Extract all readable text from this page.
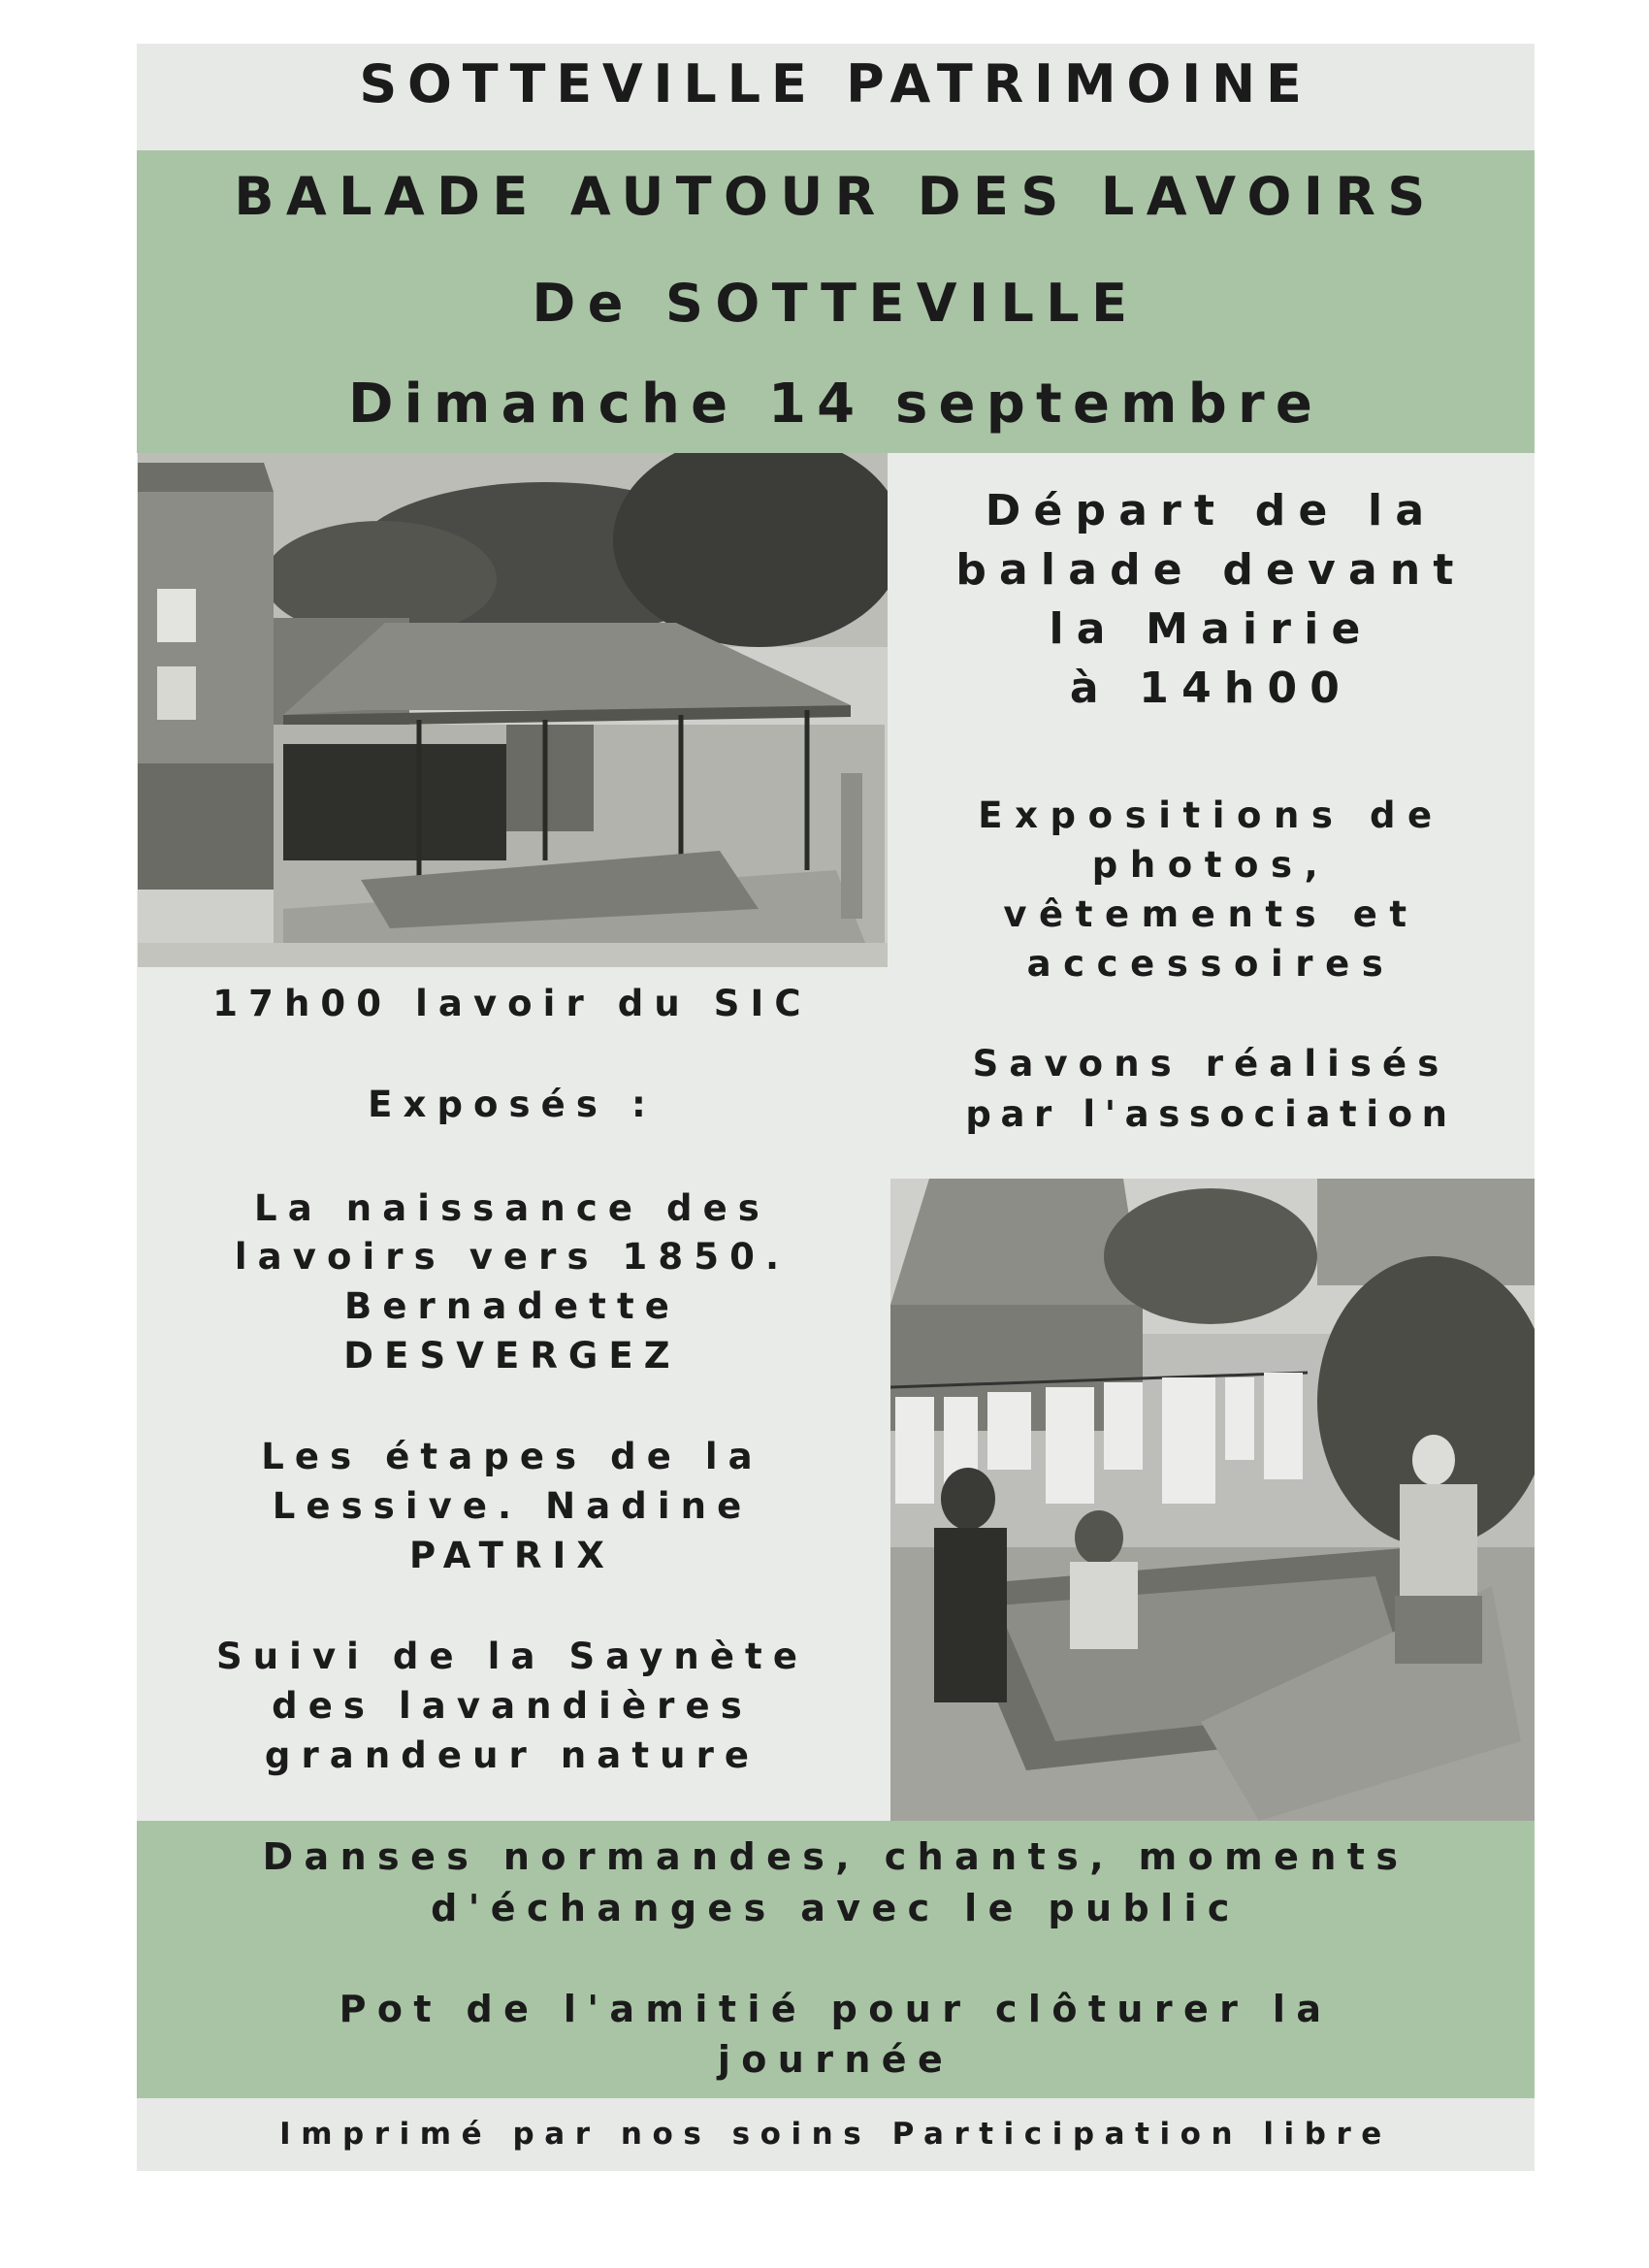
SOTTEVILLE PATRIMOINE
BALADE AUTOUR DES LAVOIRS
De SOTTEVILLE
Dimanche 14 septembre
Départ de la
balade devant
la Mairie
à 14h00
Expositions de
photos,
vêtements et
accessoires
Savons réalisés
par l'association
17h00 lavoir du SIC
Exposés :
La naissance des
lavoirs vers 1850.
Bernadette
DESVERGEZ
Les étapes de la
Lessive. Nadine
PATRIX
Suivi de la Saynète
des lavandières
grandeur nature
Danses normandes, chants, moments
d'échanges avec le public
Pot de l'amitié pour clôturer la
journée
Imprimé par nos soins Participation libre
